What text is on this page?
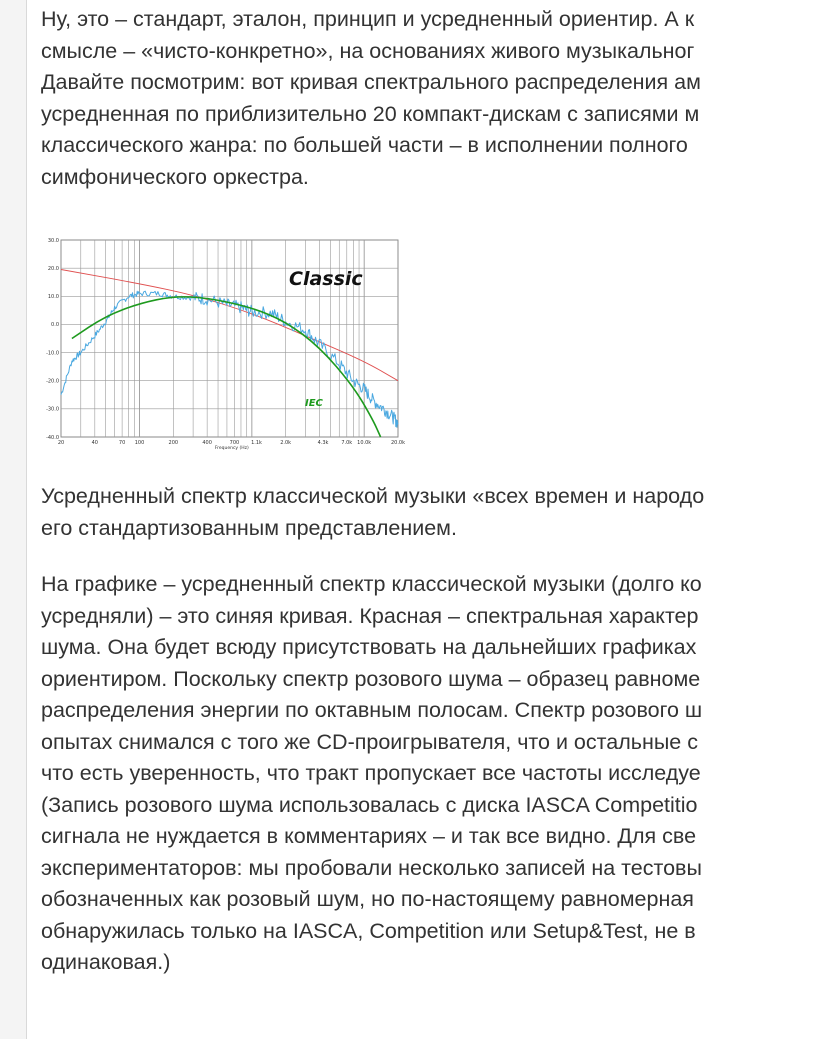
Ну, это – стандарт, эталон, принцип и усредненный ориентир. А к
смысле – «чисто-конкретно», на основаниях живого музыкальног
Давайте посмотрим: вот кривая спектрального распределения ам
усредненная по приблизительно 20 компакт-дискам с записями м
классического жанра: по большей части – в исполнении полного
симфонического оркестра.

30.0
20.0
10.0
0.0
-10.0
-20.0
-30.0
-40.0
20	40	70 100	200	400	700 1.1k	2.0k	4.3k	7.0k 10.0k	20.0k
Classic
IEC
Frequency (Hz)

Усредненный спектр классической музыки «всех времен и народо
его стандартизованным представлением.

На графике – усредненный спектр классической музыки (долго ко
усредняли) – это синяя кривая. Красная – спектральная характер
шума. Она будет всюду присутствовать на дальнейших графиках
ориентиром. Поскольку спектр розового шума – образец равноме
распределения энергии по октавным полосам. Спектр розового ш
опытах снимался с того же CD-проигрывателя, что и остальные с
что есть уверенность, что тракт пропускает все частоты исследуе
(Запись розового шума использовалась с диска IASCA Competitio
сигнала не нуждается в комментариях – и так все видно. Для све
экспериментаторов: мы пробовали несколько записей на тестовы
обозначенных как розовый шум, но по-настоящему равномерная
обнаружилась только на IASCA, Competition или Setup&Test, не в
одинаковая.)
